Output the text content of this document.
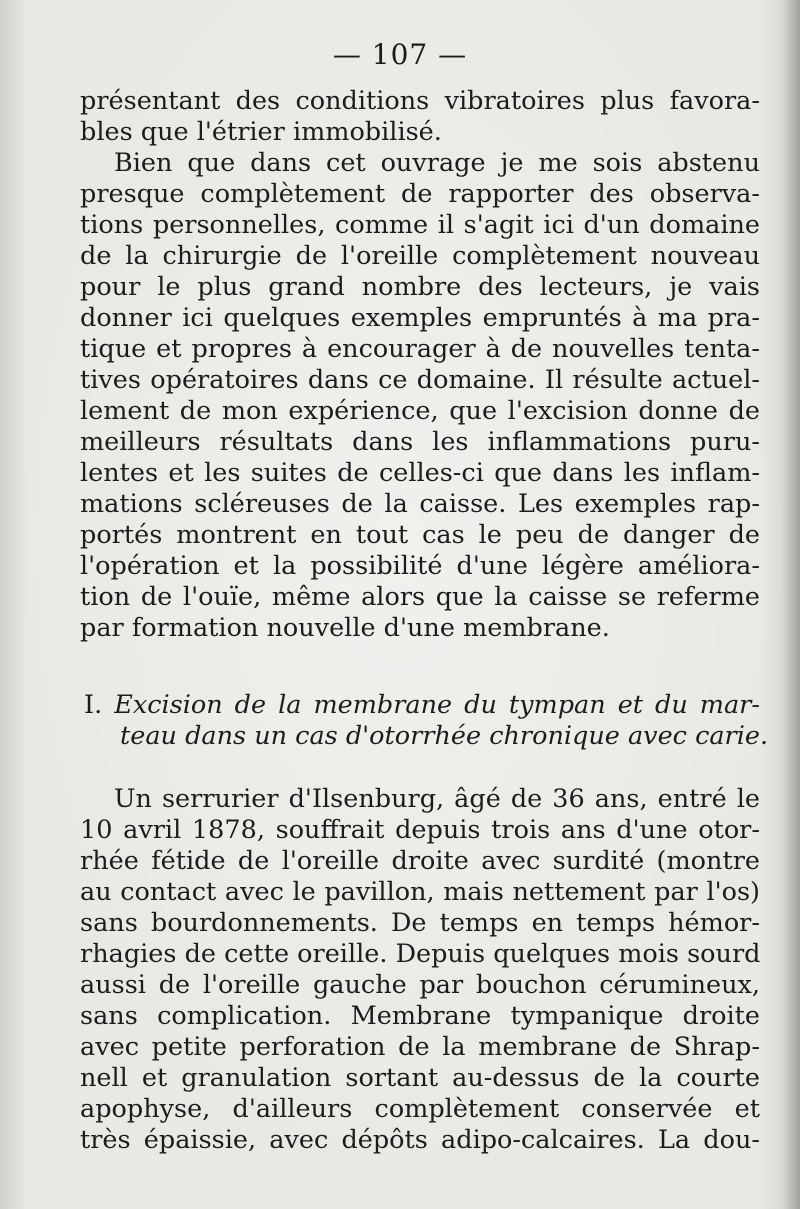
— 107 —
présentant des conditions vibratoires plus favora-
bles que l'étrier immobilisé.
Bien que dans cet ouvrage je me sois abstenu
presque complètement de rapporter des observa-
tions personnelles, comme il s'agit ici d'un domaine
de la chirurgie de l'oreille complètement nouveau
pour le plus grand nombre des lecteurs, je vais
donner ici quelques exemples empruntés à ma pra-
tique et propres à encourager à de nouvelles tenta-
tives opératoires dans ce domaine. Il résulte actuel-
lement de mon expérience, que l'excision donne de
meilleurs résultats dans les inflammations puru-
lentes et les suites de celles-ci que dans les inflam-
mations scléreuses de la caisse. Les exemples rap-
portés montrent en tout cas le peu de danger de
l'opération et la possibilité d'une légère améliora-
tion de l'ouïe, même alors que la caisse se referme
par formation nouvelle d'une membrane.
I. Excision de la membrane du tympan et du mar-
teau dans un cas d'otorrhée chronique avec carie.
Un serrurier d'Ilsenburg, âgé de 36 ans, entré le
10 avril 1878, souffrait depuis trois ans d'une otor-
rhée fétide de l'oreille droite avec surdité (montre
au contact avec le pavillon, mais nettement par l'os)
sans bourdonnements. De temps en temps hémor-
rhagies de cette oreille. Depuis quelques mois sourd
aussi de l'oreille gauche par bouchon cérumineux,
sans complication. Membrane tympanique droite
avec petite perforation de la membrane de Shrap-
nell et granulation sortant au-dessus de la courte
apophyse, d'ailleurs complètement conservée et
très épaissie, avec dépôts adipo-calcaires. La dou-
